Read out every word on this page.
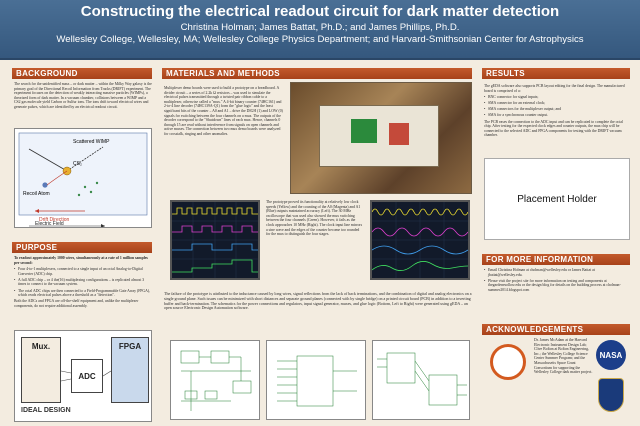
Constructing the electrical readout circuit for dark matter detection
Christina Holman; James Battat, Ph.D.; and James Phillips, Ph.D.
Wellesley College, Wellesley, MA; Wellesley College Physics Department; and Harvard-Smithsonian Center for Astrophysics
BACKGROUND

The search for the unidentified mass – or dark matter – within the Milky Way galaxy is the primary goal of the Directional Recoil Information from Tracks (DRIFT) experiment. The experiment focuses on the detection of weakly interacting massive particles (WIMPs), a theorized form of dark matter. In a vacuum chamber, collisions between a WIMP and a CS2 gas molecule yield Carbon or Sulfur ions. The ions drift toward electrical wires and generate pulses, which are identified by an electrical readout circuit.

Scattered WIMP
CS₂
Recoil Atom
Drift Direction
Electric Field
PURPOSE

To readout approximately 1000 wires, simultaneously at a rate of 1 million samples per second:

• Four 4-to-1 multiplexers, connected to a single input of an octal Analog-to-Digital Converter (ADC) chip.
• A full ADC chip – or 4 the(16) multiplexing configurations – is replicated almost 3 times to connect to the vacuum system.
• The octal ADC chips are then connected to a Field-Programmable Gate Array (FPGA), which reads electrical pulses above a threshold as a "detection".

Both the ADCs and FPGA are off-the-shelf equipment and, unlike the multiplexer components, do not require additional assembly.

Mux.
ADC
FPGA
IDEAL DESIGN
MATERIALS AND METHODS

Multiplexer demo boards were used to build a prototype on a breadboard. A divider circuit – a series of 2.2k Ω resistors – was used to simulate the electrical pulses transmitted through a twisted pair ribbon cable to a multiplexer, otherwise called a "mux." A 4-bit binary counter (74HC161) and 2-to-4 line decoder (74HC139A-Q1) form the "glue logic" and the least significant bits of the counter – A0 and A1 – drive the DIGH (1) and LOW (0) signals for switching between the four channels on a mux. The outputs of the decoder correspond to the "Shutdown" lines of each mux. Hence, channels 0 through 15 are read without interference from signals on open channels and active muxes. The connection between two mux demo boards were analyzed for crosstalk, ringing and other anomalies.

The prototype proved its functionality at relatively low clock speeds (Yellow) and the counting of the A0 (Magenta) and A1 (Blue) outputs maintained accuracy (Left). The 30 MHz oscilloscope that was used also showed the mux switching between the four channels (Green). However, it fails as the clock approaches 10 MHz (Right). The clock input line mirrors a sine wave and the edges of the counter become too rounded for the mux to distinguish the four stages.

The failure of the prototype is attributed to the inductance caused by long wires, signal reflections from the lack of back terminations, and the combination of digital and analog electronics on a single ground plane. Such issues can be minimized with short distances and separate ground planes (connected with by single bridge) on a printed circuit board (PCB) in addition to a inverting buffer and back-termination. The schematics for the power connections and regulators, input signal generator, muxes, and glue logic (Bottom, Left to Right) were generated using gEDA – an open source Electronic Design Automation software.

RESULTS

The gEDA software also supports PCB layout editing for the final design. The manufactured board is comprised of a:

• BNC connector for signal inputs;
• SMA connector for an external clock;
• SMA connectors for the multiplexer output; and
• SMA for a synchronous counter output.

The PCB eases the connection to the ADC input and can be replicated to complete the octal chip. After testing for the expected clock edges and counter outputs, the mux chip will be connected to the selected ADC and FPGA components for testing with the DRIFT vacuum chamber.

Placement Holder
FOR MORE INFORMATION
• Email Christina Holman at cholman@wellesley.edu or James Battat at jbattat@wellesley.edu.
• Please visit the project site for more information on testing and components at thegardenesollow.edu or the design blog for details on the building process at cholman-summer2014.blogspot.com
ACKNOWLEDGEMENTS

Dr. James McAdam at the Harvard Electronic Instrument Design Lab; Clive Bolton at Bolton Engineering, Inc.; the Wellesley College Science Center Summer Program; and the Massachusetts Space Grant Consortium for supporting the Wellesley College dark matter project.

NASA
